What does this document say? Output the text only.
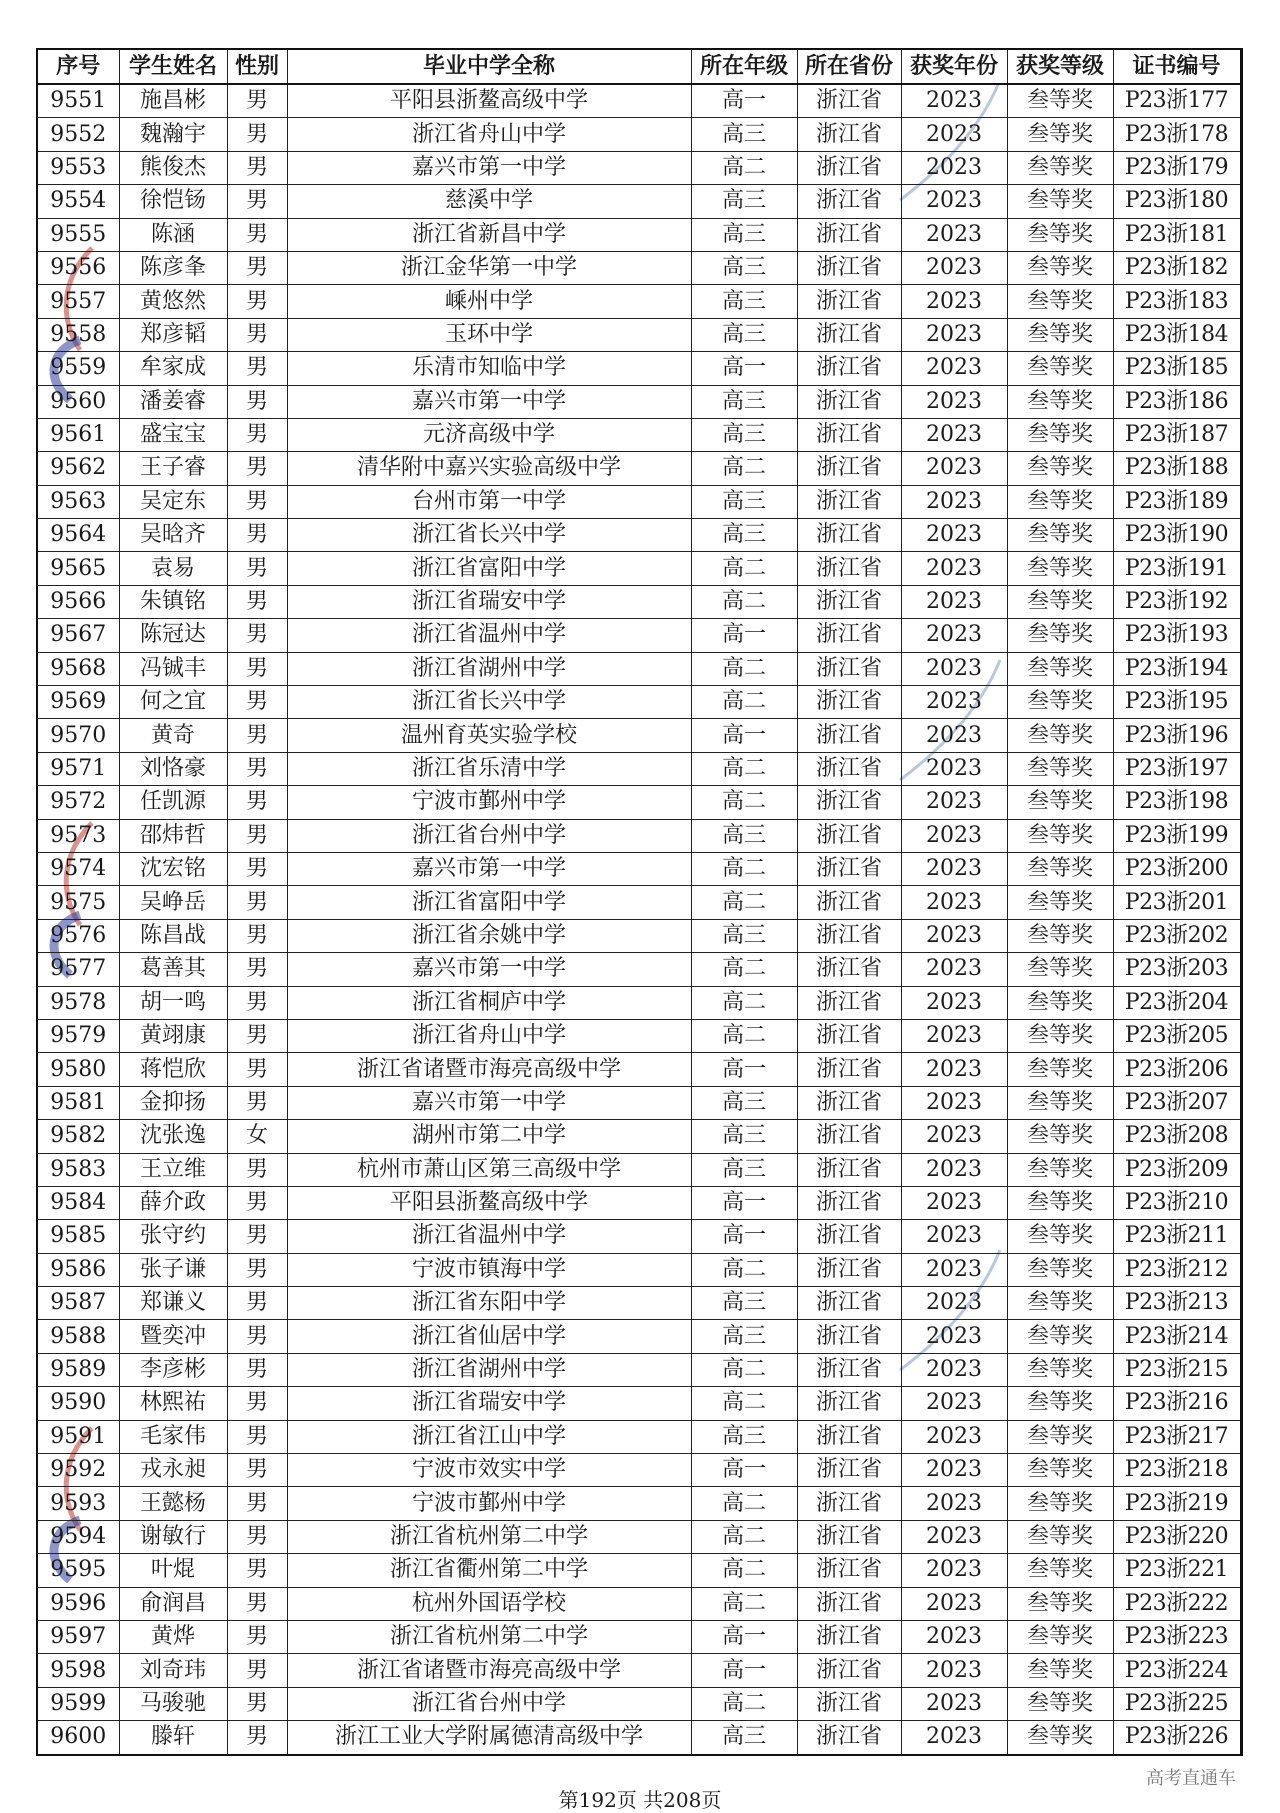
序号	学生姓名	性别	毕业中学全称	所在年级	所在省份	获奖年份	获奖等级	证书编号
9551	施昌彬	男	平阳县浙鳌高级中学	高一	浙江省	2023	叁等奖	P23浙177
9552	魏瀚宇	男	浙江省舟山中学	高三	浙江省	2023	叁等奖	P23浙178
9553	熊俊杰	男	嘉兴市第一中学	高二	浙江省	2023	叁等奖	P23浙179
9554	徐恺钖	男	慈溪中学	高三	浙江省	2023	叁等奖	P23浙180
9555	陈涵	男	浙江省新昌中学	高三	浙江省	2023	叁等奖	P23浙181
9556	陈彦夆	男	浙江金华第一中学	高三	浙江省	2023	叁等奖	P23浙182
9557	黄悠然	男	嵊州中学	高三	浙江省	2023	叁等奖	P23浙183
9558	郑彦韬	男	玉环中学	高三	浙江省	2023	叁等奖	P23浙184
9559	牟家成	男	乐清市知临中学	高一	浙江省	2023	叁等奖	P23浙185
9560	潘姜睿	男	嘉兴市第一中学	高三	浙江省	2023	叁等奖	P23浙186
9561	盛宝宝	男	元济高级中学	高三	浙江省	2023	叁等奖	P23浙187
9562	王子睿	男	清华附中嘉兴实验高级中学	高二	浙江省	2023	叁等奖	P23浙188
9563	吴定东	男	台州市第一中学	高三	浙江省	2023	叁等奖	P23浙189
9564	吴晗齐	男	浙江省长兴中学	高三	浙江省	2023	叁等奖	P23浙190
9565	袁易	男	浙江省富阳中学	高二	浙江省	2023	叁等奖	P23浙191
9566	朱镇铭	男	浙江省瑞安中学	高二	浙江省	2023	叁等奖	P23浙192
9567	陈冠达	男	浙江省温州中学	高一	浙江省	2023	叁等奖	P23浙193
9568	冯铖丰	男	浙江省湖州中学	高二	浙江省	2023	叁等奖	P23浙194
9569	何之宜	男	浙江省长兴中学	高二	浙江省	2023	叁等奖	P23浙195
9570	黄奇	男	温州育英实验学校	高一	浙江省	2023	叁等奖	P23浙196
9571	刘恪豪	男	浙江省乐清中学	高二	浙江省	2023	叁等奖	P23浙197
9572	任凯源	男	宁波市鄞州中学	高二	浙江省	2023	叁等奖	P23浙198
9573	邵炜哲	男	浙江省台州中学	高三	浙江省	2023	叁等奖	P23浙199
9574	沈宏铭	男	嘉兴市第一中学	高二	浙江省	2023	叁等奖	P23浙200
9575	吴峥岳	男	浙江省富阳中学	高二	浙江省	2023	叁等奖	P23浙201
9576	陈昌战	男	浙江省余姚中学	高三	浙江省	2023	叁等奖	P23浙202
9577	葛善其	男	嘉兴市第一中学	高二	浙江省	2023	叁等奖	P23浙203
9578	胡一鸣	男	浙江省桐庐中学	高二	浙江省	2023	叁等奖	P23浙204
9579	黄翊康	男	浙江省舟山中学	高二	浙江省	2023	叁等奖	P23浙205
9580	蒋恺欣	男	浙江省诸暨市海亮高级中学	高一	浙江省	2023	叁等奖	P23浙206
9581	金抑扬	男	嘉兴市第一中学	高三	浙江省	2023	叁等奖	P23浙207
9582	沈张逸	女	湖州市第二中学	高三	浙江省	2023	叁等奖	P23浙208
9583	王立维	男	杭州市萧山区第三高级中学	高三	浙江省	2023	叁等奖	P23浙209
9584	薛介政	男	平阳县浙鳌高级中学	高一	浙江省	2023	叁等奖	P23浙210
9585	张守约	男	浙江省温州中学	高一	浙江省	2023	叁等奖	P23浙211
9586	张子谦	男	宁波市镇海中学	高二	浙江省	2023	叁等奖	P23浙212
9587	郑谦义	男	浙江省东阳中学	高三	浙江省	2023	叁等奖	P23浙213
9588	暨奕冲	男	浙江省仙居中学	高三	浙江省	2023	叁等奖	P23浙214
9589	李彦彬	男	浙江省湖州中学	高二	浙江省	2023	叁等奖	P23浙215
9590	林熙祐	男	浙江省瑞安中学	高二	浙江省	2023	叁等奖	P23浙216
9591	毛家伟	男	浙江省江山中学	高三	浙江省	2023	叁等奖	P23浙217
9592	戎永昶	男	宁波市效实中学	高一	浙江省	2023	叁等奖	P23浙218
9593	王懿杨	男	宁波市鄞州中学	高二	浙江省	2023	叁等奖	P23浙219
9594	谢敏行	男	浙江省杭州第二中学	高二	浙江省	2023	叁等奖	P23浙220
9595	叶焜	男	浙江省衢州第二中学	高二	浙江省	2023	叁等奖	P23浙221
9596	俞润昌	男	杭州外国语学校	高二	浙江省	2023	叁等奖	P23浙222
9597	黄烨	男	浙江省杭州第二中学	高一	浙江省	2023	叁等奖	P23浙223
9598	刘奇玮	男	浙江省诸暨市海亮高级中学	高一	浙江省	2023	叁等奖	P23浙224
9599	马骏驰	男	浙江省台州中学	高二	浙江省	2023	叁等奖	P23浙225
9600	滕轩	男	浙江工业大学附属德清高级中学	高三	浙江省	2023	叁等奖	P23浙226
第192页 共208页
高考直通车
